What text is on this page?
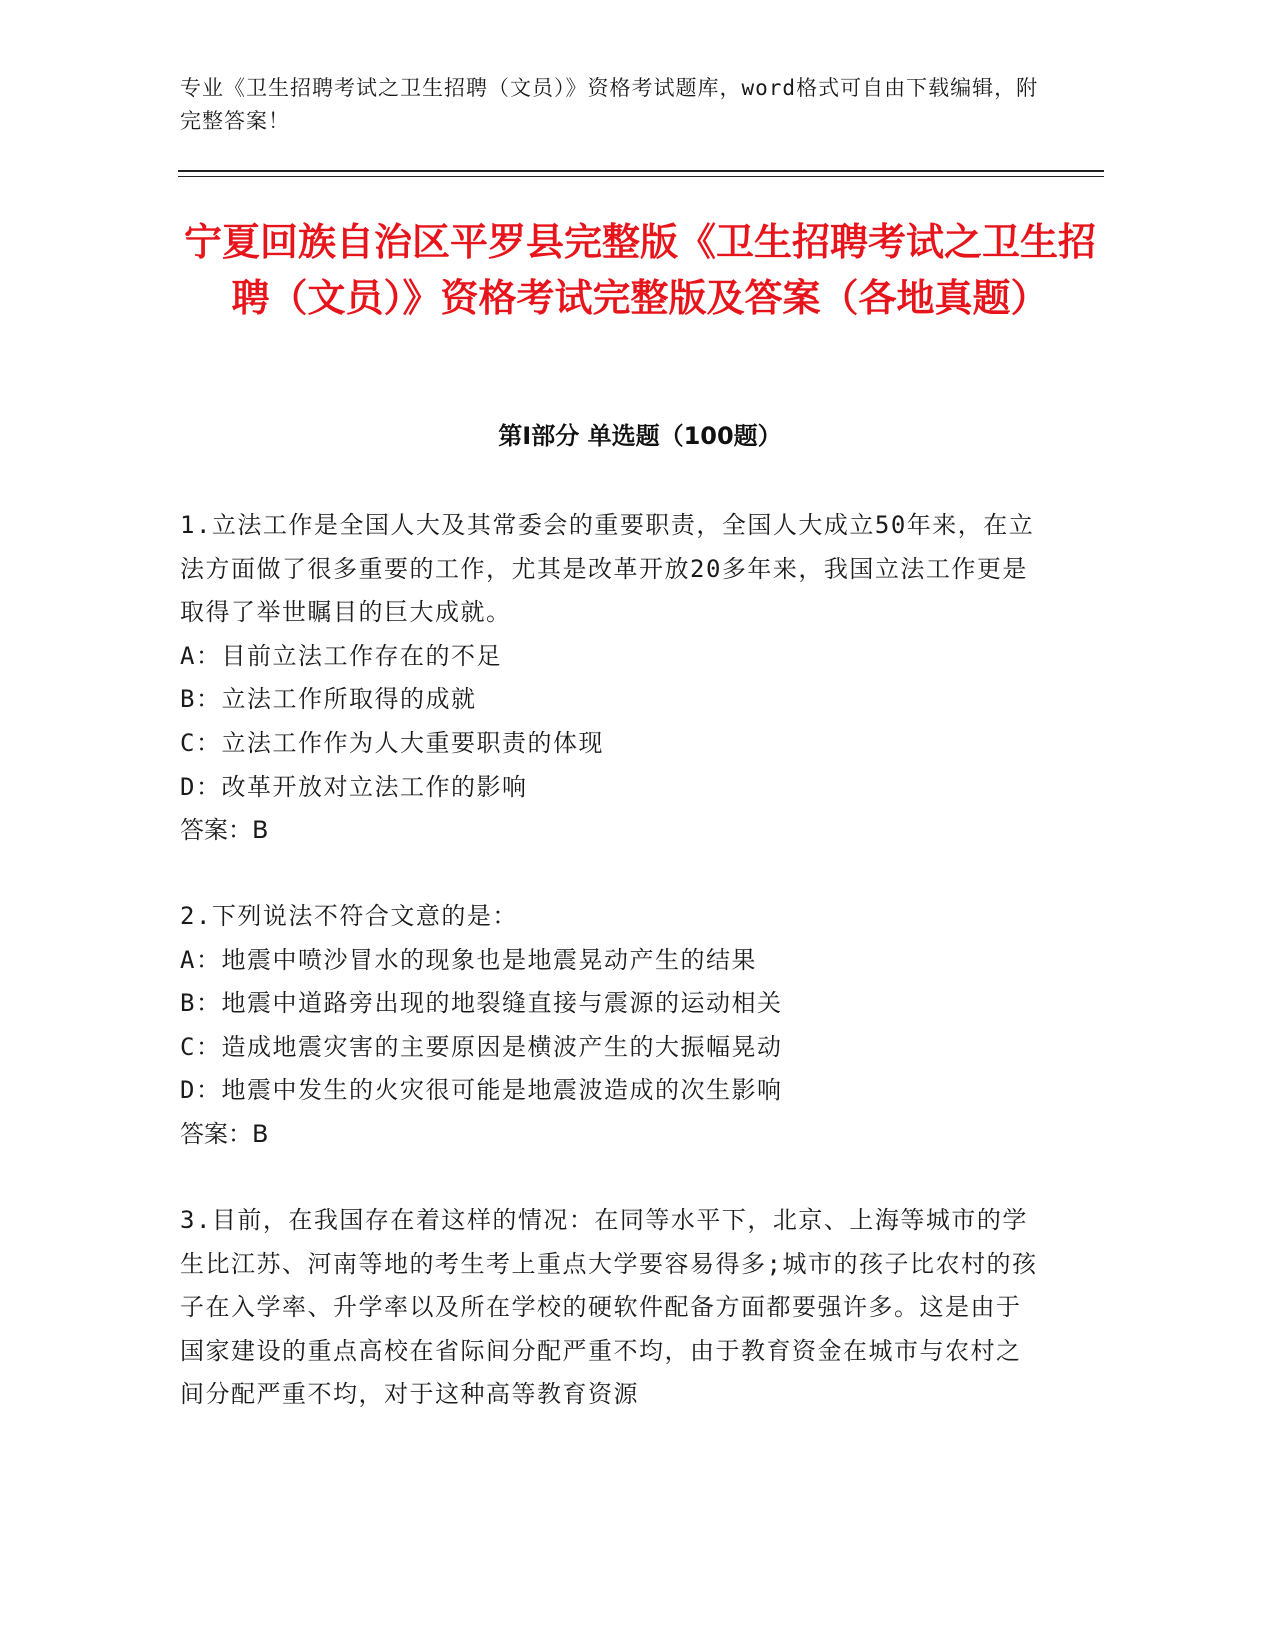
专业《卫生招聘考试之卫生招聘（文员）》资格考试题库，word格式可自由下载编辑，附完整答案！
宁夏回族自治区平罗县完整版《卫生招聘考试之卫生招聘（文员）》资格考试完整版及答案（各地真题）
第I部分 单选题（100题）
1.立法工作是全国人大及其常委会的重要职责，全国人大成立50年来，在立法方面做了很多重要的工作，尤其是改革开放20多年来，我国立法工作更是取得了举世瞩目的巨大成就。
A：目前立法工作存在的不足
B：立法工作所取得的成就
C：立法工作作为人大重要职责的体现
D：改革开放对立法工作的影响
答案：B
2.下列说法不符合文意的是：
A：地震中喷沙冒水的现象也是地震晃动产生的结果
B：地震中道路旁出现的地裂缝直接与震源的运动相关
C：造成地震灾害的主要原因是横波产生的大振幅晃动
D：地震中发生的火灾很可能是地震波造成的次生影响
答案：B
3.目前，在我国存在着这样的情况：在同等水平下，北京、上海等城市的学生比江苏、河南等地的考生考上重点大学要容易得多;城市的孩子比农村的孩子在入学率、升学率以及所在学校的硬软件配备方面都要强许多。这是由于国家建设的重点高校在省际间分配严重不均，由于教育资金在城市与农村之间分配严重不均，对于这种高等教育资源
